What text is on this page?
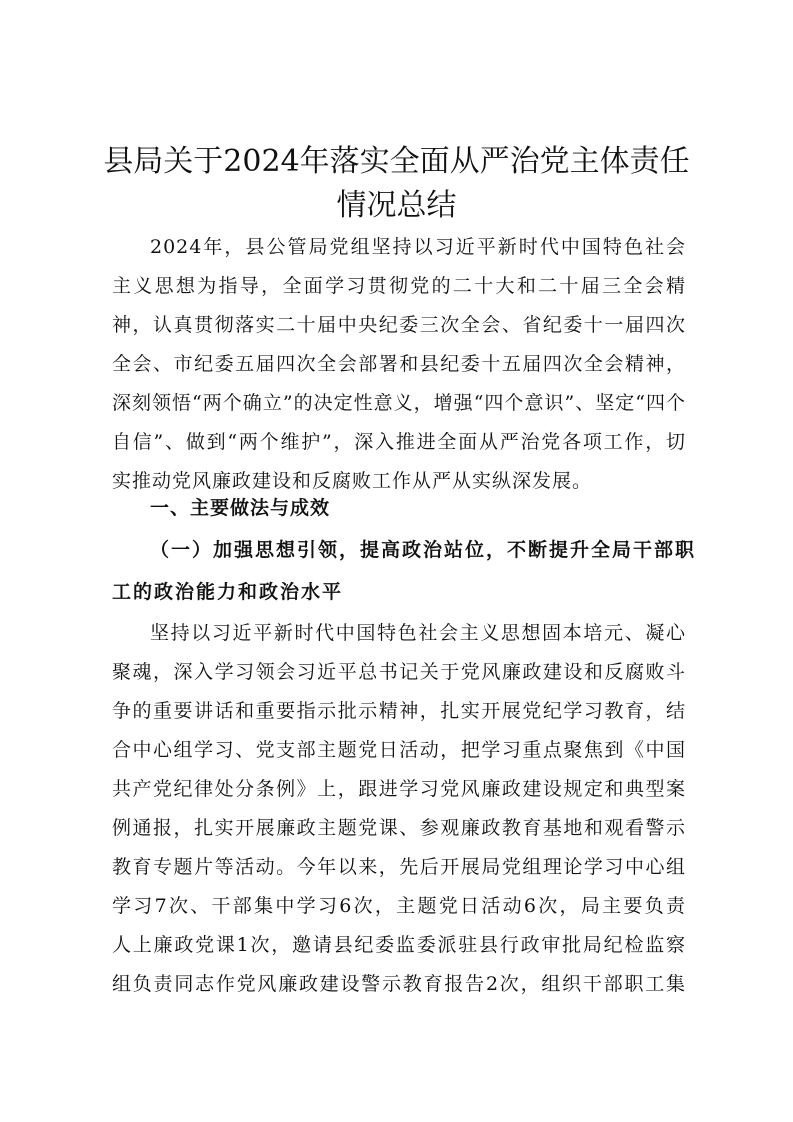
县局关于2024年落实全面从严治党主体责任
情况总结

2024年，县公管局党组坚持以习近平新时代中国特色社会
主义思想为指导，全面学习贯彻党的二十大和二十届三全会精
神，认真贯彻落实二十届中央纪委三次全会、省纪委十一届四次
全会、市纪委五届四次全会部署和县纪委十五届四次全会精神，
深刻领悟“两个确立”的决定性意义，增强“四个意识”、坚定“四个
自信”、做到“两个维护”，深入推进全面从严治党各项工作，切
实推动党风廉政建设和反腐败工作从严从实纵深发展。

一、主要做法与成效
（一）加强思想引领，提高政治站位，不断提升全局干部职
工的政治能力和政治水平

坚持以习近平新时代中国特色社会主义思想固本培元、凝心
聚魂，深入学习领会习近平总书记关于党风廉政建设和反腐败斗
争的重要讲话和重要指示批示精神，扎实开展党纪学习教育，结
合中心组学习、党支部主题党日活动，把学习重点聚焦到《中国
共产党纪律处分条例》上，跟进学习党风廉政建设规定和典型案
例通报，扎实开展廉政主题党课、参观廉政教育基地和观看警示
教育专题片等活动。今年以来，先后开展局党组理论学习中心组
学习7次、干部集中学习6次，主题党日活动6次，局主要负责
人上廉政党课1次，邀请县纪委监委派驻县行政审批局纪检监察
组负责同志作党风廉政建设警示教育报告2次，组织干部职工集
